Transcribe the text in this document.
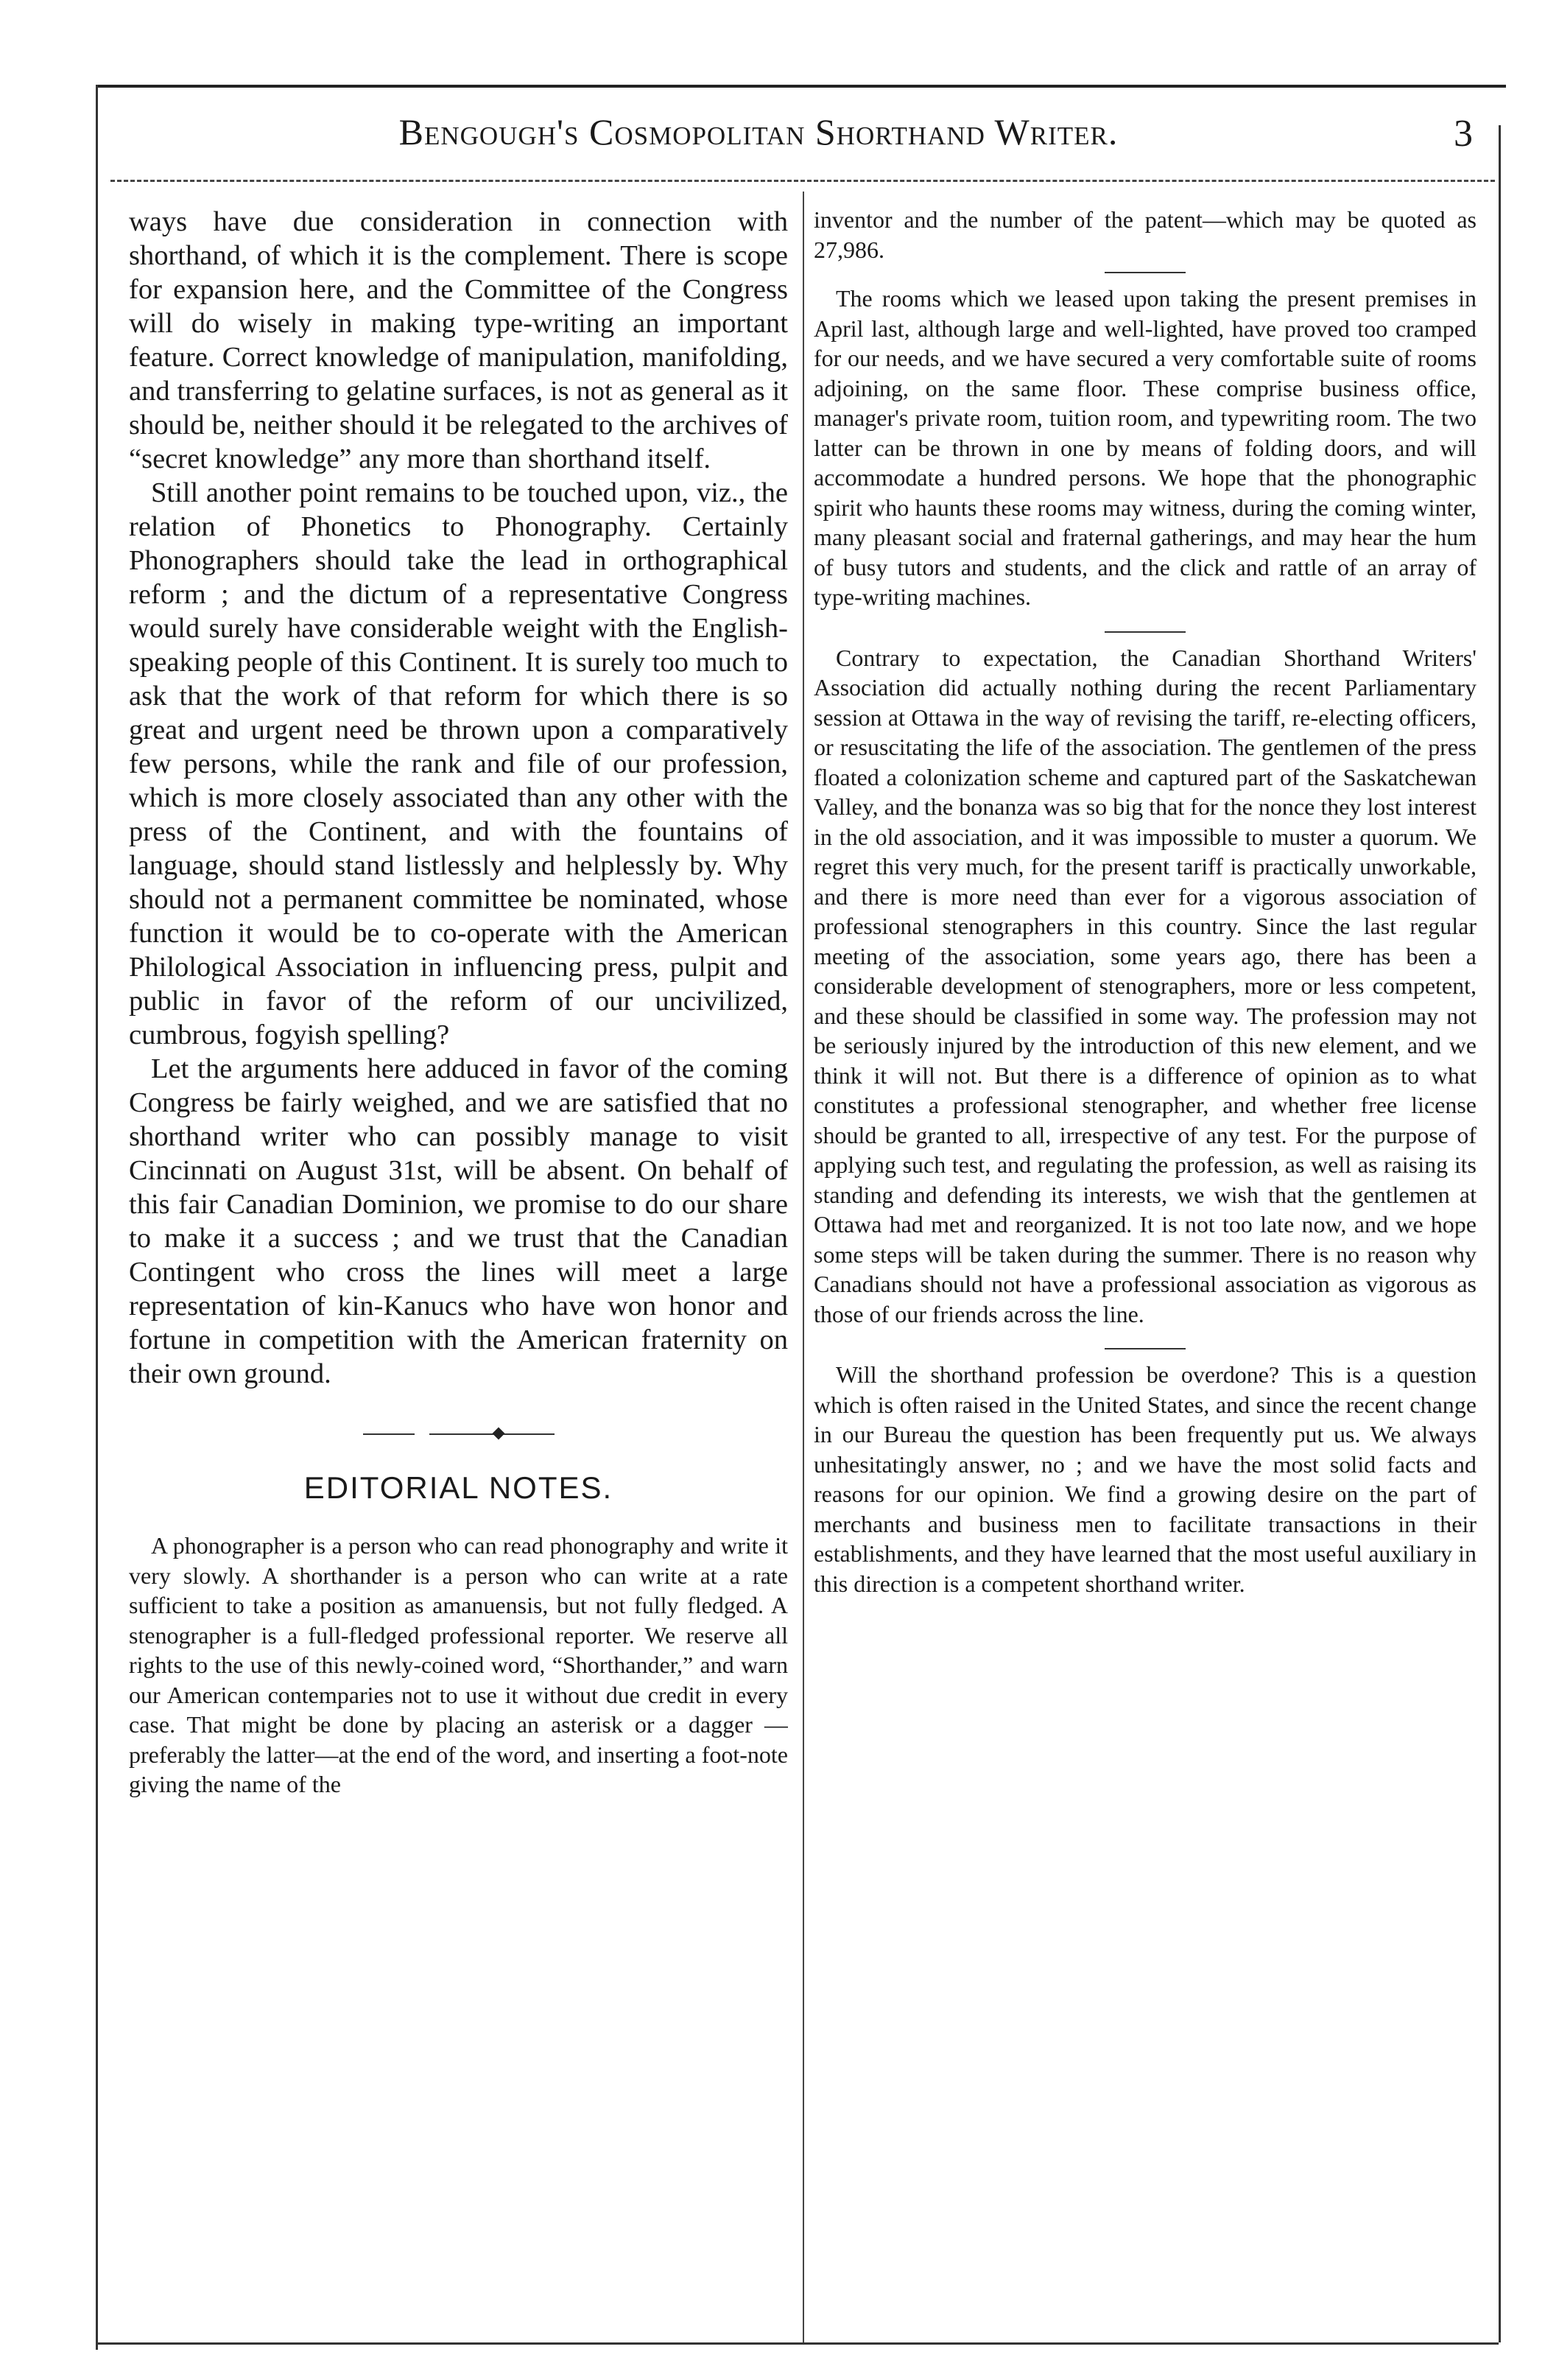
Bengough's Cosmopolitan Shorthand Writer.	3

ways have due consideration in connection with shorthand, of which it is the complement. There is scope for expansion here, and the Committee of the Congress will do wisely in making type-writing an important feature. Correct knowledge of manipulation, manifolding, and transferring to gelatine surfaces, is not as general as it should be, neither should it be relegated to the archives of “secret knowledge” any more than shorthand itself.

Still another point remains to be touched upon, viz., the relation of Phonetics to Phonography. Certainly Phonographers should take the lead in orthographical reform ; and the dictum of a representative Congress would surely have considerable weight with the English-speaking people of this Continent. It is surely too much to ask that the work of that reform for which there is so great and urgent need be thrown upon a comparatively few persons, while the rank and file of our profession, which is more closely associated than any other with the press of the Continent, and with the fountains of language, should stand listlessly and helplessly by. Why should not a permanent committee be nominated, whose function it would be to co-operate with the American Philological Association in influencing press, pulpit and public in favor of the reform of our uncivilized, cumbrous, fogyish spelling?

Let the arguments here adduced in favor of the coming Congress be fairly weighed, and we are satisfied that no shorthand writer who can possibly manage to visit Cincinnati on August 31st, will be absent. On behalf of this fair Canadian Dominion, we promise to do our share to make it a success ; and we trust that the Canadian Contingent who cross the lines will meet a large representation of kin-Kanucs who have won honor and fortune in competition with the American fraternity on their own ground.

EDITORIAL NOTES.

A phonographer is a person who can read phonography and write it very slowly. A shorthander is a person who can write at a rate sufficient to take a position as amanuensis, but not fully fledged. A stenographer is a full-fledged professional reporter. We reserve all rights to the use of this newly-coined word, “Shorthander,” and warn our American contemparies not to use it without due credit in every case. That might be done by placing an asterisk or a dagger —preferably the latter—at the end of the word, and inserting a foot-note giving the name of the

inventor and the number of the patent—which may be quoted as 27,986.

The rooms which we leased upon taking the present premises in April last, although large and well-lighted, have proved too cramped for our needs, and we have secured a very comfortable suite of rooms adjoining, on the same floor. These comprise business office, manager's private room, tuition room, and typewriting room. The two latter can be thrown in one by means of folding doors, and will accommodate a hundred persons. We hope that the phonographic spirit who haunts these rooms may witness, during the coming winter, many pleasant social and fraternal gatherings, and may hear the hum of busy tutors and students, and the click and rattle of an array of type-writing machines.

Contrary to expectation, the Canadian Shorthand Writers' Association did actually nothing during the recent Parliamentary session at Ottawa in the way of revising the tariff, re-electing officers, or resuscitating the life of the association. The gentlemen of the press floated a colonization scheme and captured part of the Saskatchewan Valley, and the bonanza was so big that for the nonce they lost interest in the old association, and it was impossible to muster a quorum. We regret this very much, for the present tariff is practically unworkable, and there is more need than ever for a vigorous association of professional stenographers in this country. Since the last regular meeting of the association, some years ago, there has been a considerable development of stenographers, more or less competent, and these should be classified in some way. The profession may not be seriously injured by the introduction of this new element, and we think it will not. But there is a difference of opinion as to what constitutes a professional stenographer, and whether free license should be granted to all, irrespective of any test. For the purpose of applying such test, and regulating the profession, as well as raising its standing and defending its interests, we wish that the gentlemen at Ottawa had met and reorganized. It is not too late now, and we hope some steps will be taken during the summer. There is no reason why Canadians should not have a professional association as vigorous as those of our friends across the line.

Will the shorthand profession be overdone? This is a question which is often raised in the United States, and since the recent change in our Bureau the question has been frequently put us. We always unhesitatingly answer, no ; and we have the most solid facts and reasons for our opinion. We find a growing desire on the part of merchants and business men to facilitate transactions in their establishments, and they have learned that the most useful auxiliary in this direction is a competent shorthand writer.
